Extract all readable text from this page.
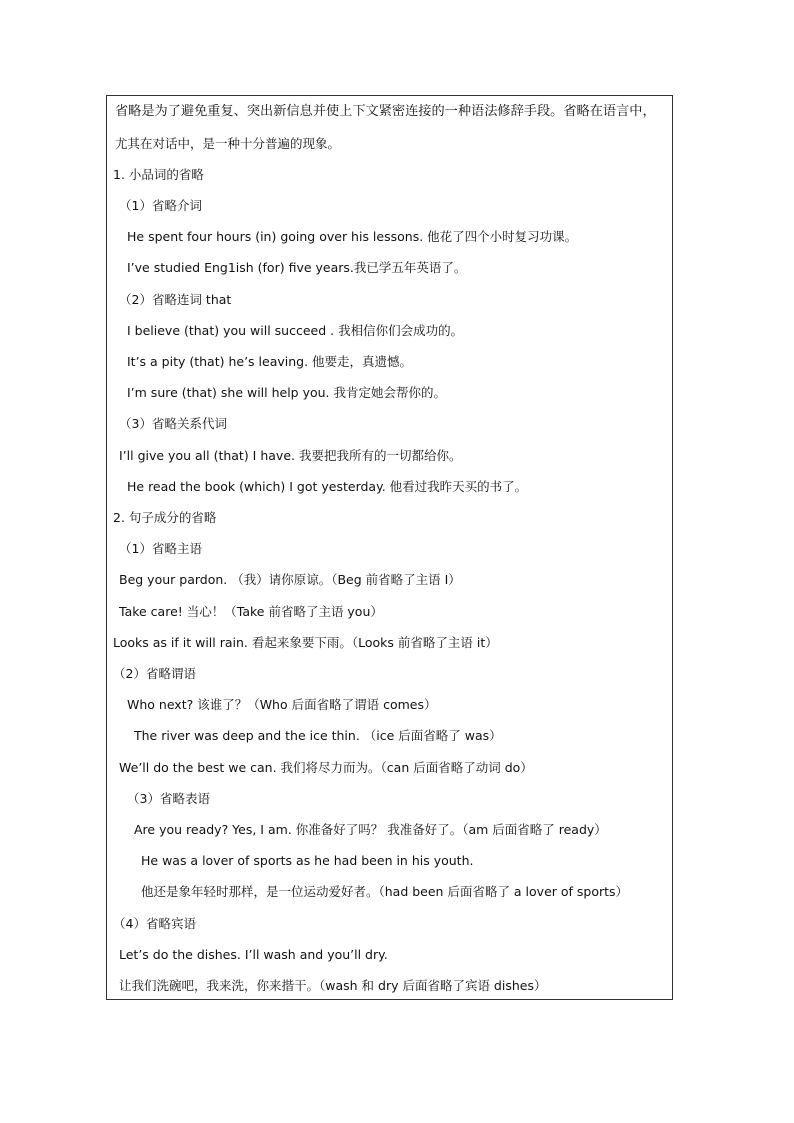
省略是为了避免重复、突出新信息并使上下文紧密连接的一种语法修辞手段。省略在语言中，
尤其在对话中，是一种十分普遍的现象。
1. 小品词的省略
（1）省略介词
He spent four hours (in) going over his lessons. 他花了四个小时复习功课。
I’ve studied Eng1ish (for) five years.我已学五年英语了。
（2）省略连词 that
I believe (that) you will succeed . 我相信你们会成功的。
It’s a pity (that) he’s leaving. 他要走，真遗憾。
I’m sure (that) she will help you. 我肯定她会帮你的。
（3）省略关系代词
I’ll give you all (that) I have. 我要把我所有的一切都给你。
He read the book (which) I got yesterday. 他看过我昨天买的书了。
2. 句子成分的省略
（1）省略主语
Beg your pardon. （我）请你原谅。（Beg 前省略了主语 I）
Take care! 当心！（Take 前省略了主语 you）
Looks as if it will rain. 看起来象要下雨。（Looks 前省略了主语 it）
（2）省略谓语
Who next? 该谁了？（Who 后面省略了谓语 comes）
The river was deep and the ice thin. （ice 后面省略了 was）
We’ll do the best we can. 我们将尽力而为。（can 后面省略了动词 do）
（3）省略表语
Are you ready? Yes, I am. 你准备好了吗？ 我准备好了。（am 后面省略了 ready）
He was a lover of sports as he had been in his youth.
他还是象年轻时那样，是一位运动爱好者。（had been 后面省略了 a lover of sports）
（4）省略宾语
Let’s do the dishes. I’ll wash and you’ll dry.
让我们洗碗吧，我来洗，你来揩干。（wash 和 dry 后面省略了宾语 dishes）
